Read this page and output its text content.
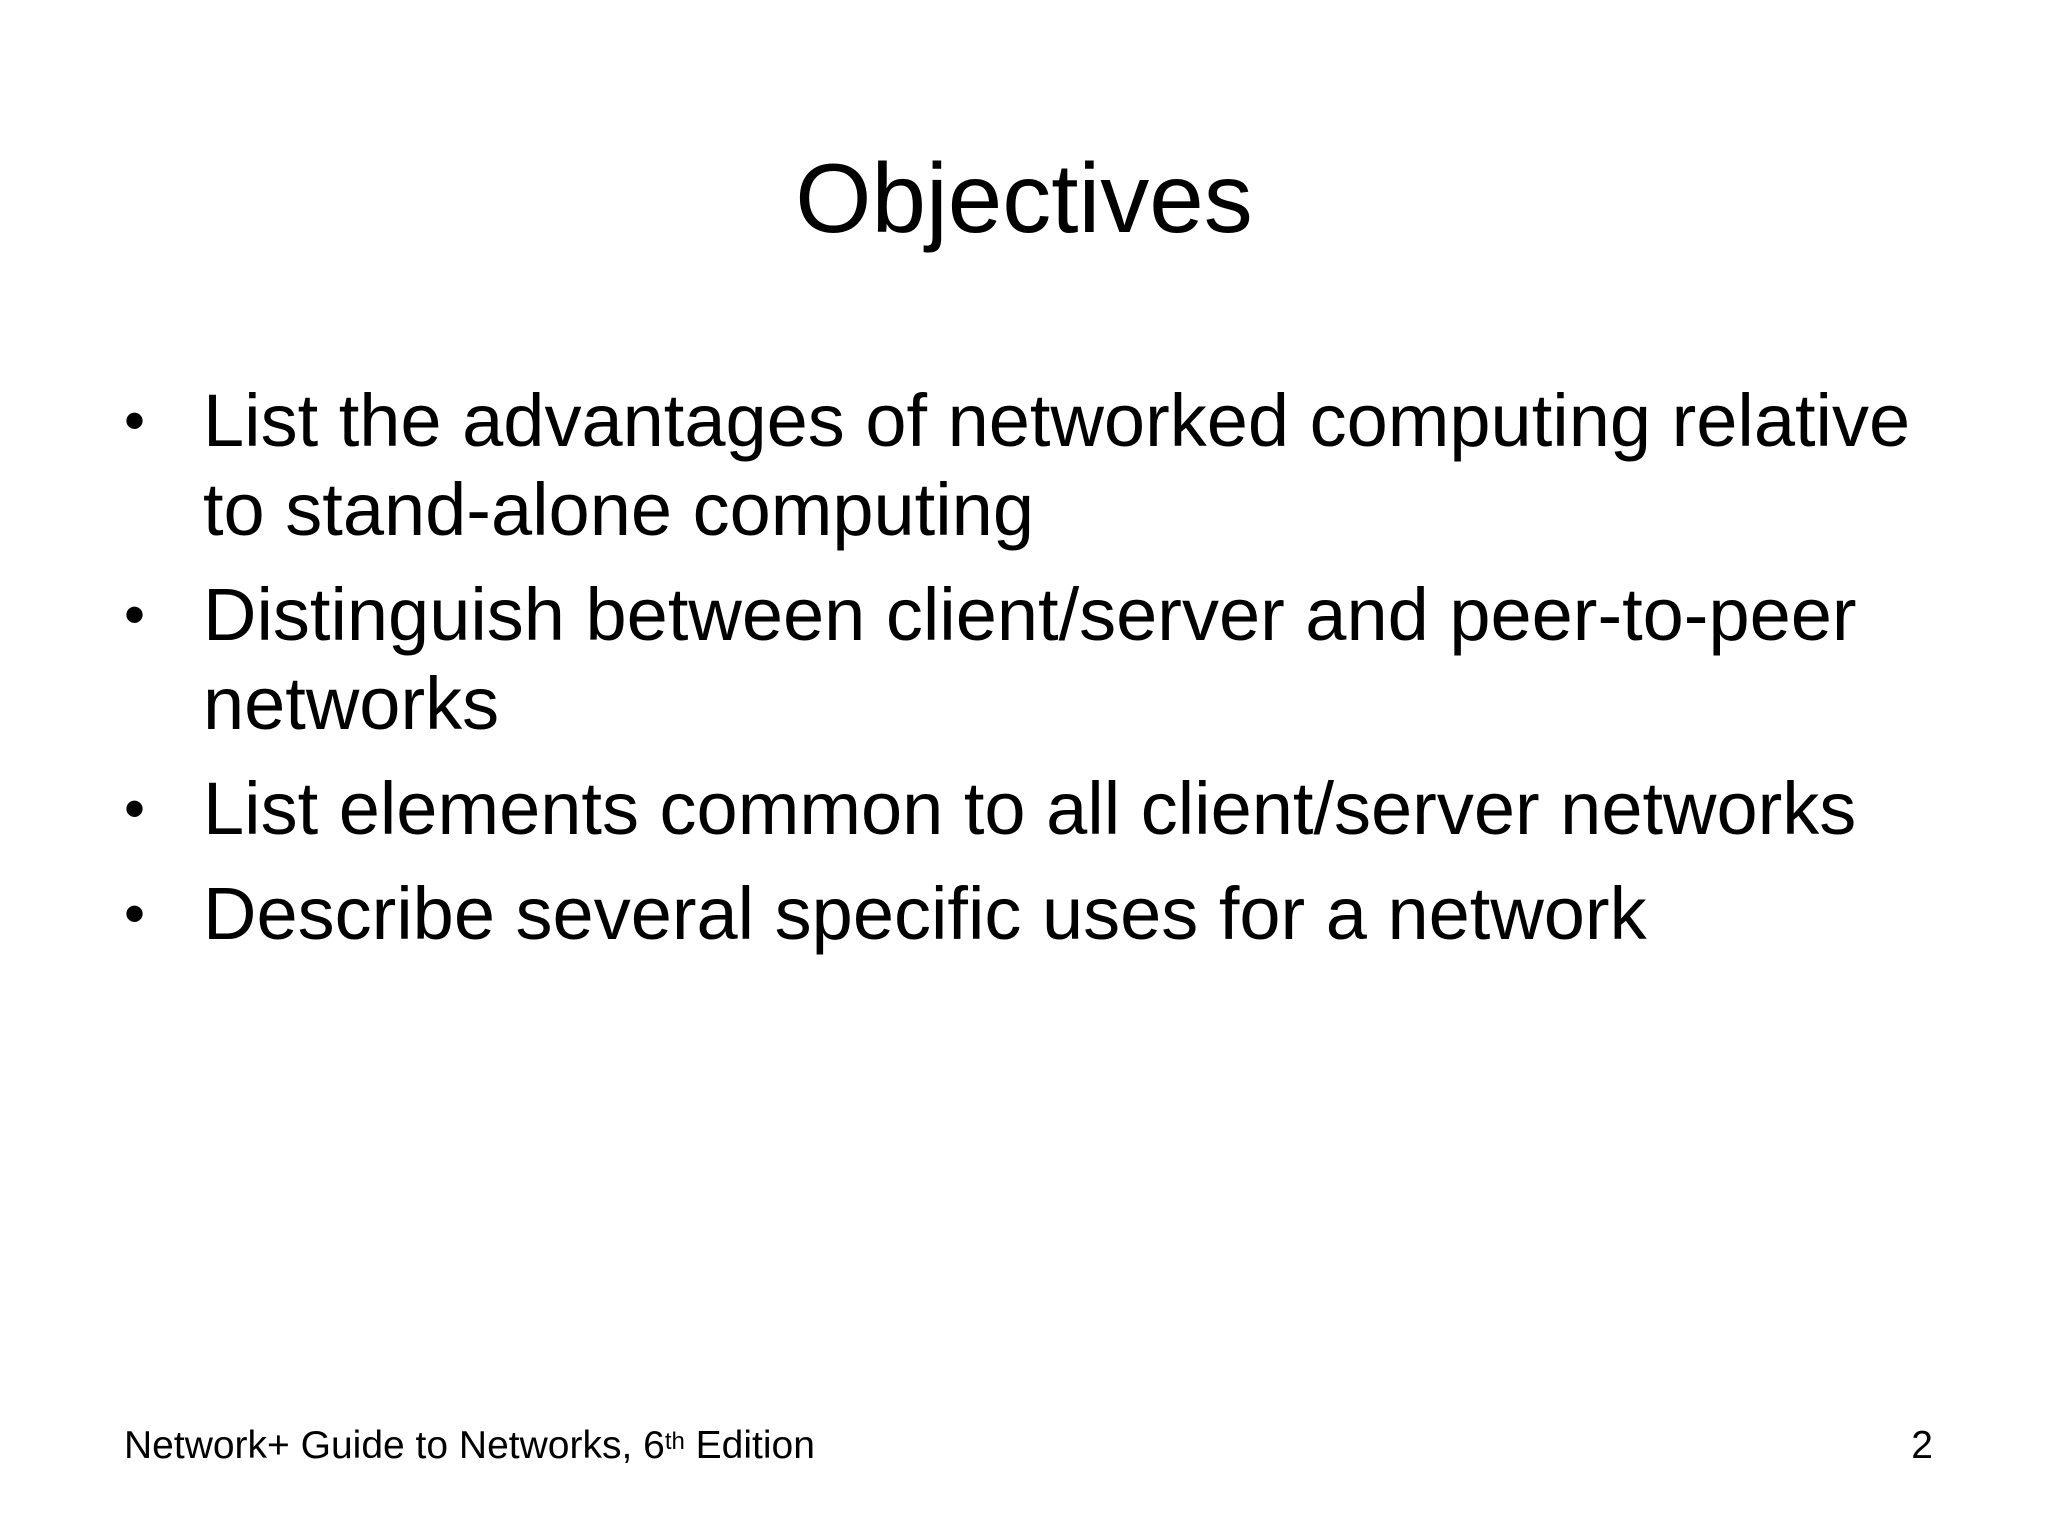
Objectives
• List the advantages of networked computing relative to stand-alone computing
• Distinguish between client/server and peer-to-peer networks
• List elements common to all client/server networks
• Describe several specific uses for a network
Network+ Guide to Networks, 6th Edition	2
